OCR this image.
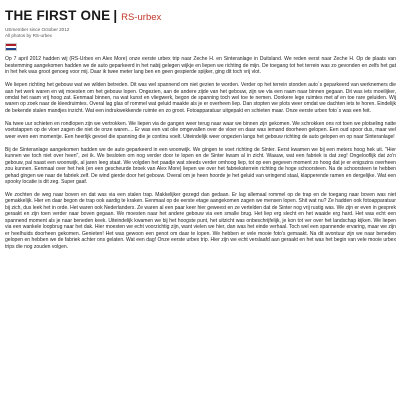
THE FIRST ONE | RS-urbex
UEmember since October 2012
All photos by RS-urbex

Op 7 april 2012 hadden wij (RS-Urbex en Alex More) onze eerste urbex trip naar Zeche H. en Sinteranlage in Duitsland. We reden eerst naar Zeche H. Op de plaats van bestemming aangekomen hadden we de auto geparkeerd in het nabij gelegen wijkje en liepen we richting de mijn. De toegang tot het terrein was zo gevonden en zelfs het gat in het hek was groot genoeg voor mij. Daar ik twee meter lang ben en geen gespierde spijker, ging dit toch vrij vlot.

We liepen richting het gebouw wat we wilden betreden. Dit was wel spannend om niet gezien te worden. Verder op het terrein stonden auto´s geparkeerd van werknemers die aan het werk waren en wij moesten om het gebouw lopen. Ongezien, aan de andere zijde van het gebouw, zijn we via een raam naar binnen gegaan. Dit was iets moeilijker, omdat het raam vrij hoog zat. Eenmaal binnen, na wat kunst en vliegwerk, begon de spanning toch wel toe te nemen. Donkere lege ruimtes met af en toe rare geluiden. Wij waren op zoek naar de kleedruimtes. Overal lag glas of rommel wat geluid maakte als je er overheen liep. Dan stopten we plots weer omdat we dachten iets te horen. Eindelijk de bekende stalen mandjes inzicht. Wat een indrukwekkende ruimte en zo groot. Fotoapparatuur uitgepakt en schieten maar. Onze eerste urbex foto´s was een feit.

Na twee uur schieten en rondlopen zijn we vertrokken. We liepen via de gangen weer terug naar waar we binnen zijn gekomen. We schrokken ons rot toen we plotseling natte voetstappen op de vloer zagen die niet de onze waren.... Er was een vat olie omgevallen over de vloer en daar was iemand doorheen gelopen. Een oud spoor dus, maar wel weer even een momentje. Een heerlijk gevoel die spanning die je continu voelt. Uiteindelijk weer ongezien langs het gebouw richting de auto gelopen en op naar Sinteranlage!

Bij de Sinteranlage aangekomen hadden we de auto geparkeerd in een woonwijk. We gingen te voet richting de Sinter. Eerst kwamen we bij een meters hoog hek uit. "Hier kunnen we toch niet over heen", zei ik. We besloten om nog verder door te lopen en de Sinter kwam al in zicht. Waauw, wat een fabriek is dat zeg! Ongelooflijk dat zo'n gebouw, pal naast een woonwijk, al jaren leeg staat. We volgden het paadje wat steeds verder omhoog liep, tot op een gegeven moment zo hoog dat je er enigszins overheen zou kunnen. Eenmaal over het hek (en een gescheurde broek van Alex More) liepen we over het fabrieksterrein richting de hoge schoorsteen. Na de schoorsteen te hebben gehad gingen we naar de fabriek zelf. De wind gierde door het gebouw. Overal om je heen hoorde je het geluid van wringend staal, klapperende ramen en dergelijke. Wat een spooky locatie is dit zeg. Super gaaf.

We zochten de weg naar boven en dat was via een stalen trap. Makkelijker gezegd dan gedaan. Er lag allemaal rommel op de trap en de toegang naar boven was niet gemakkelijk. Hier en daar begon de trap ook aardig te kraken. Eenmaal op de eerste etage aangekomen zagen we mensen lopen. Shit wat nu? Ze hadden ook fotoapparatuur bij zich, dus leek het in orde. Het waren ook Nederlanders. Ze waren al een paar keer hier geweest en ze vertelden dat de Sinter nog vrij rustig was. We zijn er even in gesprek geraakt en zijn toen verder naar boven gegaan. We moesten naar het andere gebouw via een smalle brug. Het liep erg slecht en het waaide erg hard. Het was echt een spannend moment als je naar beneden keek. Uiteindelijk kwamen we bij het hoogste punt, het uitzicht was onbeschrijfelijk, je kon tot ver over het landschap kijken. We liepen via een wankele loopbrug naar het dak. Hier moesten we echt voorzichtig zijn, want vielen we hier, dan was het einde verhaal. Toch wel een spannende ervaring, maar we zijn er heelhuids doorheen gekomen. Genieten! Het was gewoon een genot om daar te lopen. We hebben er vele mooie foto's gemaakt. Na dit avontuur zijn we naar beneden gelopen en hebben we de fabriek achter ons gelaten. Wat een dag! Onze eerste urbex trip. Hier zijn we echt verslaafd aan geraakt en het was het begin van vele mooie urbex trips die nog zouden volgen.
